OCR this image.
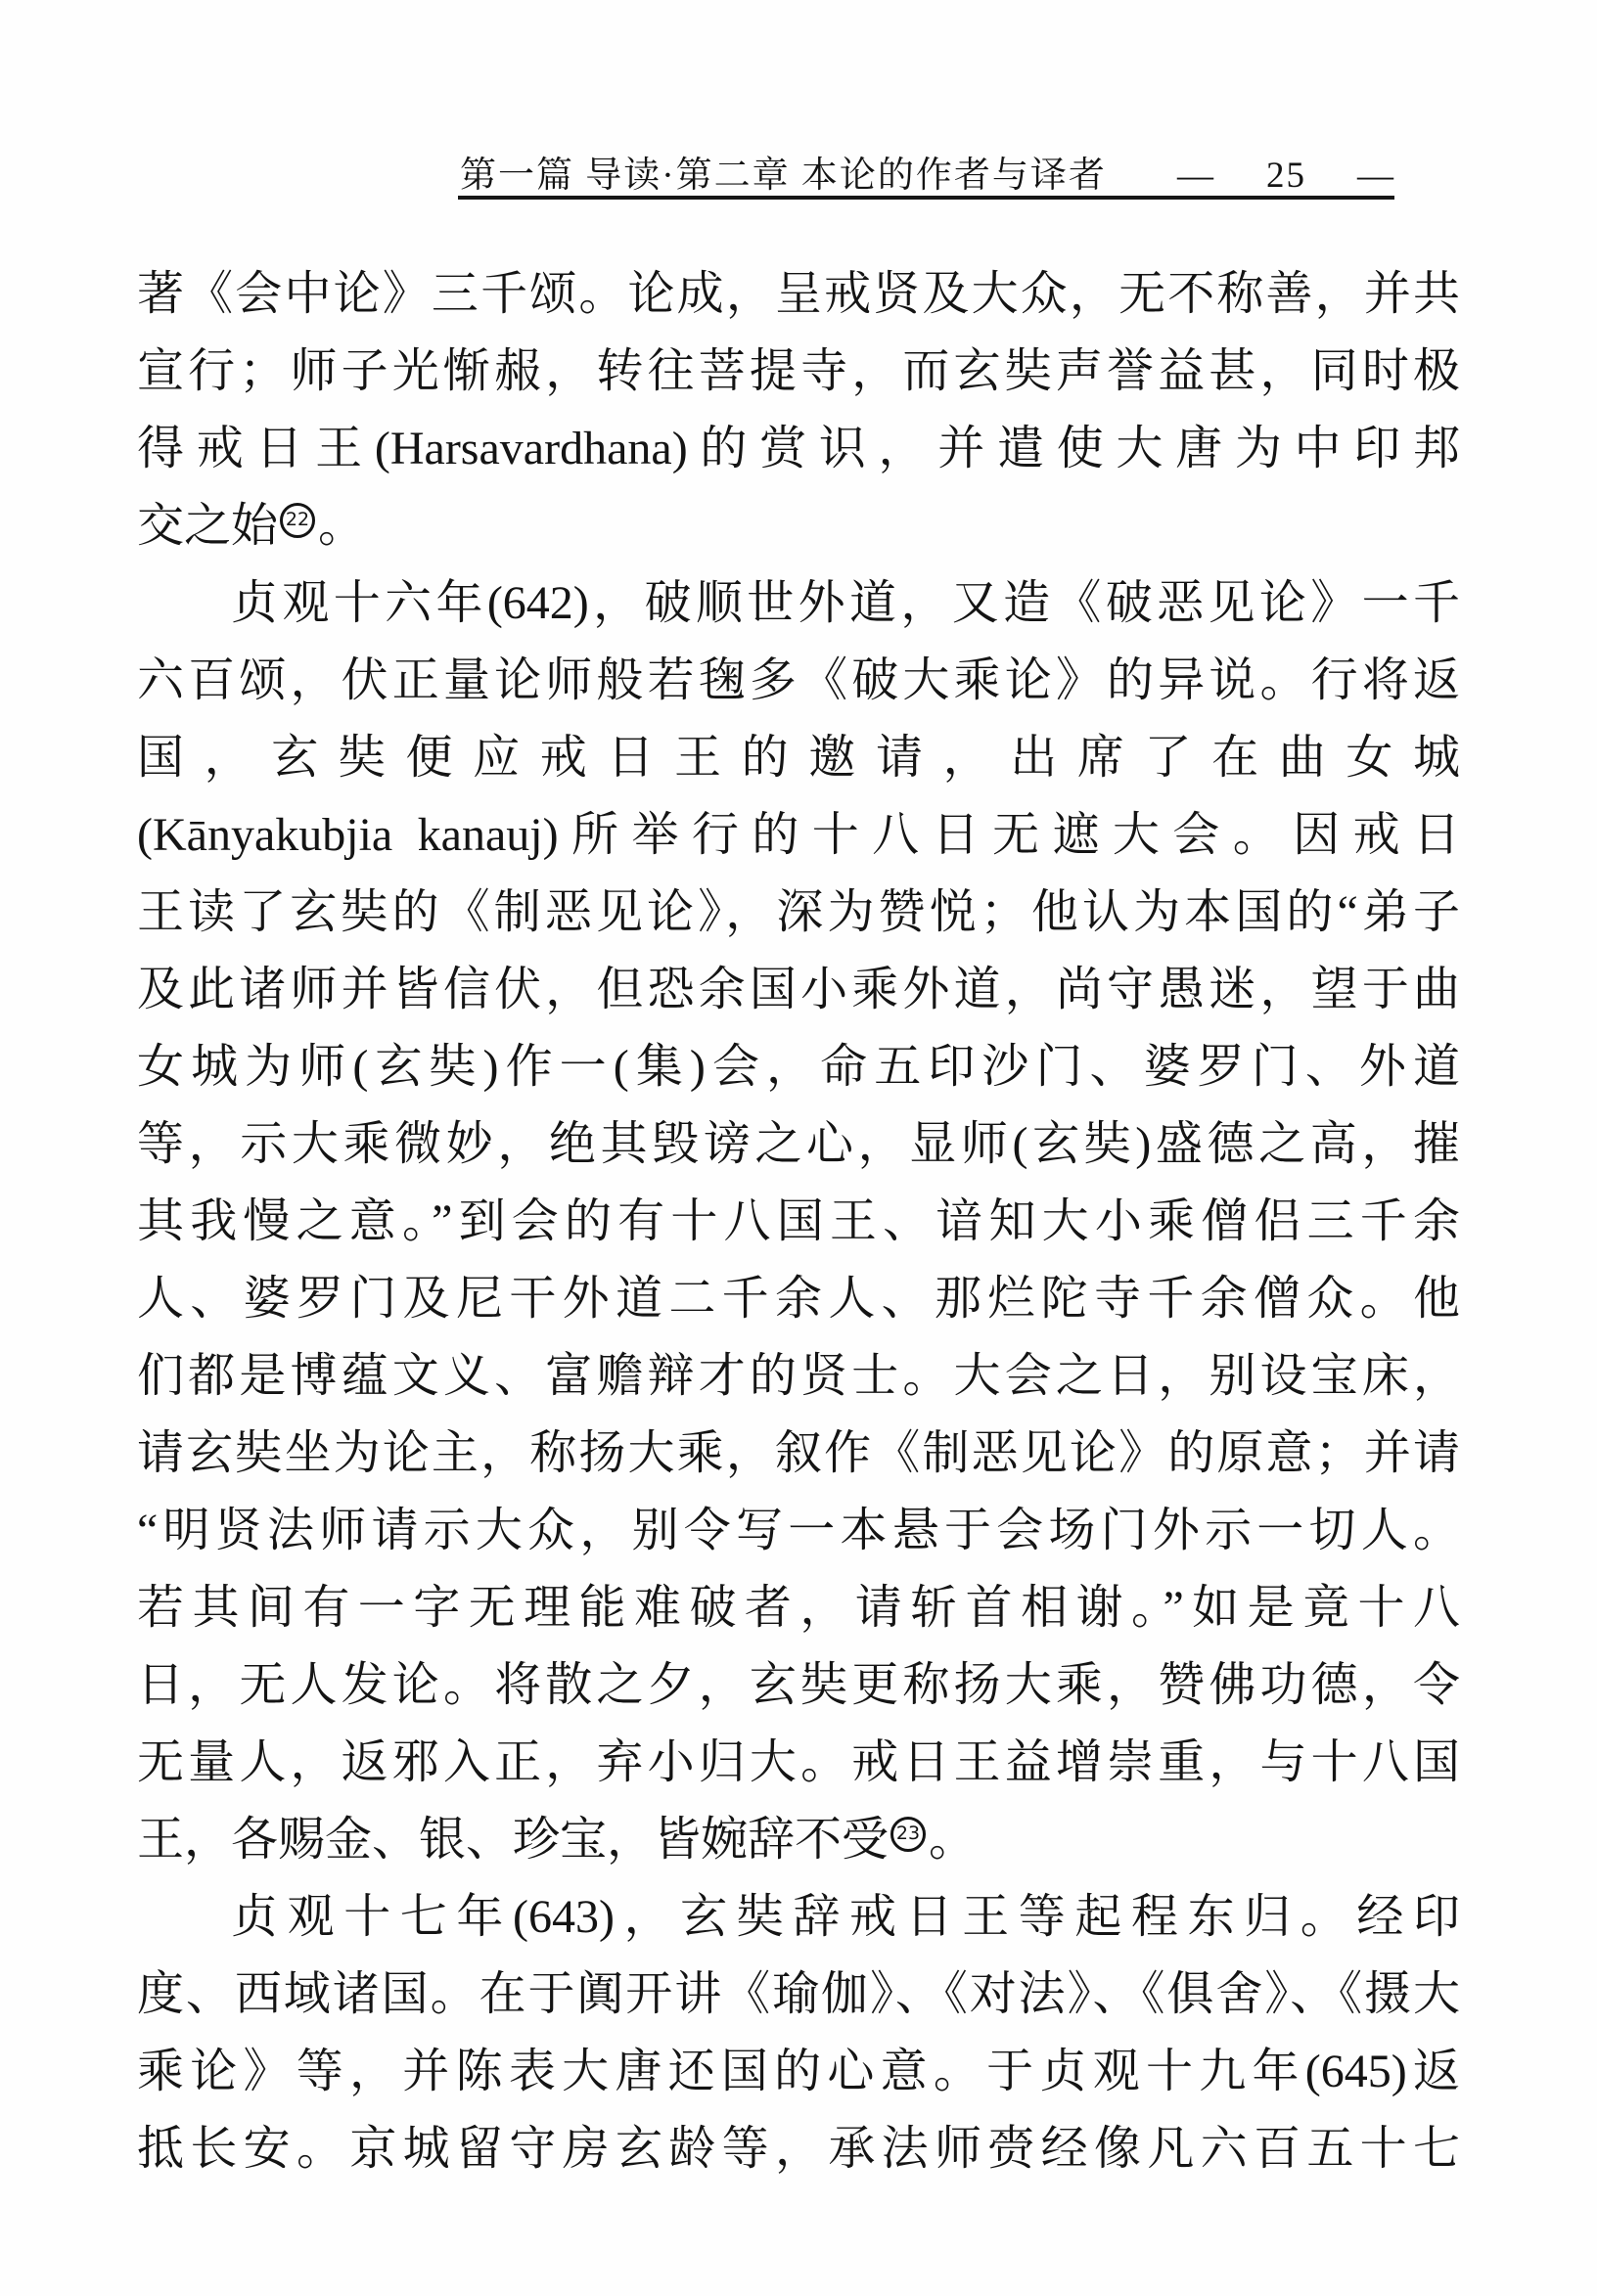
第一篇 导读·第二章 本论的作者与译者 — 25 —
著《会中论》三千颂。论成，呈戒贤及大众，无不称善，并共
宣行；师子光惭赧，转往菩提寺，而玄奘声誉益甚，同时极
得戒日王(Harsavardhana)的赏识，并遣使大唐为中印邦
交之始 22 。
贞观十六年(642)，破顺世外道，又造《破恶见论》一千
六百颂，伏正量论师般若毱多《破大乘论》的异说。行将返
国，玄奘便应戒日王的邀请，出席了在曲女城
(Kānyakubjia kanauj)所举行的十八日无遮大会。因戒日
王读了玄奘的《制恶见论》，深为赞悦；他认为本国的“弟子
及此诸师并皆信伏，但恐余国小乘外道，尚守愚迷，望于曲
女城为师(玄奘)作一(集)会，命五印沙门、婆罗门、外道
等，示大乘微妙，绝其毁谤之心，显师(玄奘)盛德之高，摧
其我慢之意。”到会的有十八国王、谙知大小乘僧侣三千余
人、婆罗门及尼干外道二千余人、那烂陀寺千余僧众。他
们都是博蕴文义、富赡辩才的贤士。大会之日，别设宝床，
请玄奘坐为论主，称扬大乘，叙作《制恶见论》的原意；并请
“明贤法师请示大众，别令写一本悬于会场门外示一切人。
若其间有一字无理能难破者，请斩首相谢。”如是竟十八
日，无人发论。将散之夕，玄奘更称扬大乘，赞佛功德，令
无量人，返邪入正，弃小归大。戒日王益增崇重，与十八国
王，各赐金、银、珍宝，皆婉辞不受 23 。
贞观十七年(643)，玄奘辞戒日王等起程东归。经印
度、西域诸国。在于阗开讲《瑜伽》、《对法》、《俱舍》、《摄大
乘论》等，并陈表大唐还国的心意。于贞观十九年(645)返
抵长安。京城留守房玄龄等，承法师赍经像凡六百五十七
